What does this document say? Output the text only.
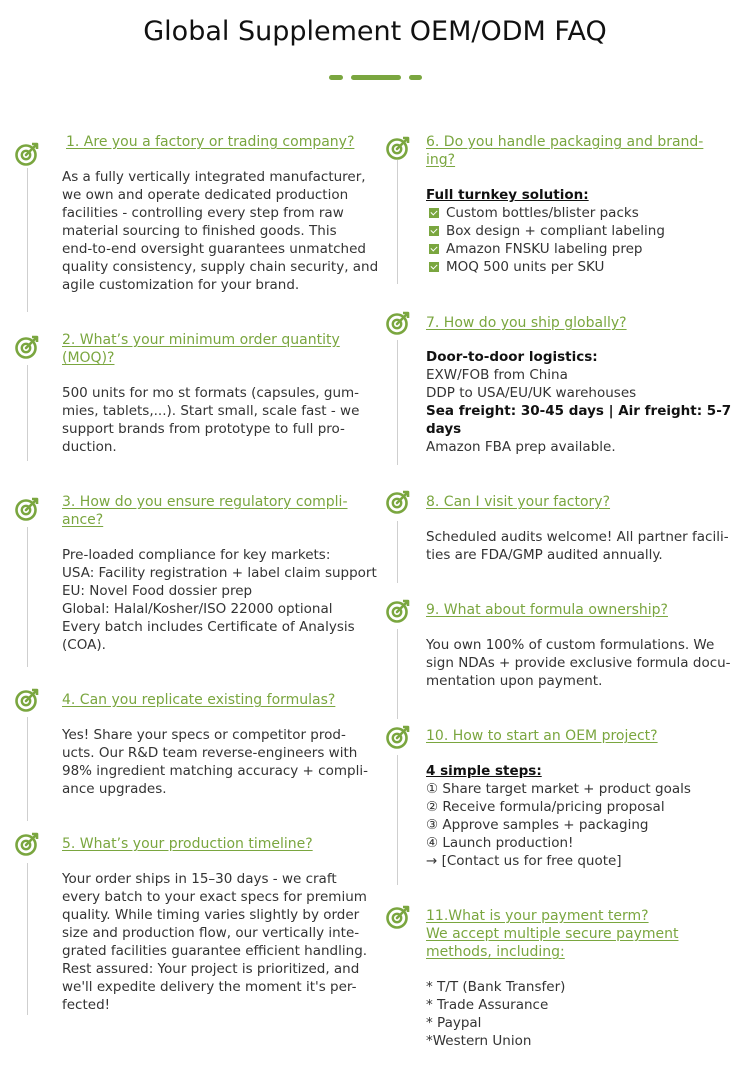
Global Supplement OEM/ODM FAQ
1. Are you a factory or trading company?
As a fully vertically integrated manufacturer,
we own and operate dedicated production
facilities - controlling every step from raw
material sourcing to finished goods. This
end-to-end oversight guarantees unmatched
quality consistency, supply chain security, and
agile customization for your brand.
2. What’s your minimum order quantity
(MOQ)?
500 units for mo st formats (capsules, gum-
mies, tablets,...). Start small, scale fast - we
support brands from prototype to full pro-
duction.
3. How do you ensure regulatory compli-
ance?
Pre-loaded compliance for key markets:
USA: Facility registration + label claim support
EU: Novel Food dossier prep
Global: Halal/Kosher/ISO 22000 optional
Every batch includes Certificate of Analysis
(COA).
4. Can you replicate existing formulas?
Yes! Share your specs or competitor prod-
ucts. Our R&D team reverse-engineers with
98% ingredient matching accuracy + compli-
ance upgrades.
5. What’s your production timeline?
Your order ships in 15–30 days - we craft
every batch to your exact specs for premium
quality. While timing varies slightly by order
size and production flow, our vertically inte-
grated facilities guarantee efficient handling.
Rest assured: Your project is prioritized, and
we'll expedite delivery the moment it's per-
fected!
6. Do you handle packaging and brand-
ing?
Full turnkey solution:
Custom bottles/blister packs
Box design + compliant labeling
Amazon FNSKU labeling prep
MOQ 500 units per SKU
7. How do you ship globally?
Door-to-door logistics:
EXW/FOB from China
DDP to USA/EU/UK warehouses
Sea freight: 30-45 days | Air freight: 5-7
days
Amazon FBA prep available.
8. Can I visit your factory?
Scheduled audits welcome! All partner facili-
ties are FDA/GMP audited annually.
9. What about formula ownership?
You own 100% of custom formulations. We
sign NDAs + provide exclusive formula docu-
mentation upon payment.
10. How to start an OEM project?
4 simple steps:
① Share target market + product goals
② Receive formula/pricing proposal
③ Approve samples + packaging
④ Launch production!
→ [Contact us for free quote]
11.What is your payment term?
We accept multiple secure payment
methods, including:
* T/T (Bank Transfer)
* Trade Assurance
* Paypal
*Western Union
